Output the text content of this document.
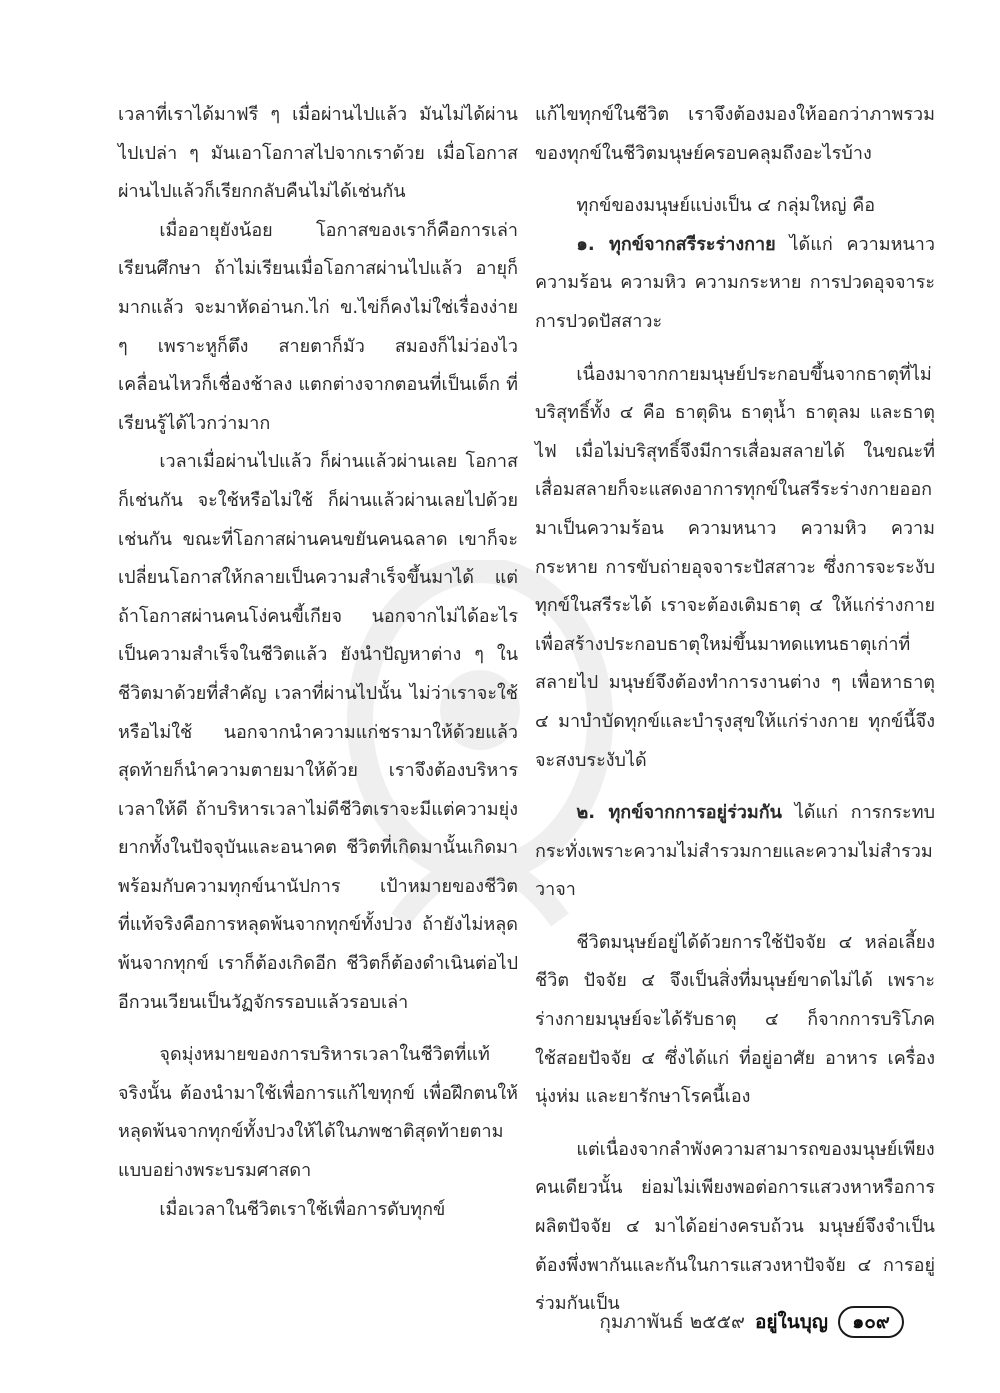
เวลาที่เราได้มาฟรี ๆ เมื่อผ่านไปแล้ว มันไม่ได้ผ่านไปเปล่า ๆ มันเอาโอกาสไปจากเราด้วย เมื่อโอกาสผ่านไปแล้วก็เรียกกลับคืนไม่ได้เช่นกัน

เมื่ออายุยังน้อย โอกาสของเราก็คือการเล่าเรียนศึกษา ถ้าไม่เรียนเมื่อโอกาสผ่านไปแล้ว อายุก็มากแล้ว จะมาหัดอ่านก.ไก่ ข.ไข่ก็คงไม่ใช่เรื่องง่าย ๆ เพราะหูก็ตึง สายตาก็มัว สมองก็ไม่ว่องไว เคลื่อนไหวก็เชื่องช้าลง แตกต่างจากตอนที่เป็นเด็ก ที่เรียนรู้ได้ไวกว่ามาก

เวลาเมื่อผ่านไปแล้ว ก็ผ่านแล้วผ่านเลย โอกาสก็เช่นกัน จะใช้หรือไม่ใช้ ก็ผ่านแล้วผ่านเลยไปด้วยเช่นกัน ขณะที่โอกาสผ่านคนขยันคนฉลาด เขาก็จะเปลี่ยนโอกาสให้กลายเป็นความสำเร็จขึ้นมาได้ แต่ถ้าโอกาสผ่านคนโง่คนขี้เกียจ นอกจากไม่ได้อะไรเป็นความสำเร็จในชีวิตแล้ว ยังนำปัญหาต่าง ๆ ในชีวิตมาด้วยที่สำคัญ เวลาที่ผ่านไปนั้น ไม่ว่าเราจะใช้หรือไม่ใช้ นอกจากนำความแก่ชรามาให้ด้วยแล้ว สุดท้ายก็นำความตายมาให้ด้วย เราจึงต้องบริหารเวลาให้ดี ถ้าบริหารเวลาไม่ดีชีวิตเราจะมีแต่ความยุ่งยากทั้งในปัจจุบันและอนาคต ชีวิตที่เกิดมานั้นเกิดมาพร้อมกับความทุกข์นานัปการ เป้าหมายของชีวิตที่แท้จริงคือการหลุดพ้นจากทุกข์ทั้งปวง ถ้ายังไม่หลุดพ้นจากทุกข์ เราก็ต้องเกิดอีก ชีวิตก็ต้องดำเนินต่อไปอีกวนเวียนเป็นวัฏจักรรอบแล้วรอบเล่า

จุดมุ่งหมายของการบริหารเวลาในชีวิตที่แท้จริงนั้น ต้องนำมาใช้เพื่อการแก้ไขทุกข์ เพื่อฝึกตนให้หลุดพ้นจากทุกข์ทั้งปวงให้ได้ในภพชาติสุดท้ายตามแบบอย่างพระบรมศาสดา

เมื่อเวลาในชีวิตเราใช้เพื่อการดับทุกข์

แก้ไขทุกข์ในชีวิต เราจึงต้องมองให้ออกว่าภาพรวมของทุกข์ในชีวิตมนุษย์ครอบคลุมถึงอะไรบ้าง

ทุกข์ของมนุษย์แบ่งเป็น ๔ กลุ่มใหญ่ คือ

๑. ทุกข์จากสรีระร่างกาย ได้แก่ ความหนาว ความร้อน ความหิว ความกระหาย การปวดอุจจาระ การปวดปัสสาวะ

เนื่องมาจากกายมนุษย์ประกอบขึ้นจากธาตุที่ไม่บริสุทธิ์ทั้ง ๔ คือ ธาตุดิน ธาตุน้ำ ธาตุลม และธาตุไฟ เมื่อไม่บริสุทธิ์จึงมีการเสื่อมสลายได้ ในขณะที่เสื่อมสลายก็จะแสดงอาการทุกข์ในสรีระร่างกายออกมาเป็นความร้อน ความหนาว ความหิว ความกระหาย การขับถ่ายอุจจาระปัสสาวะ ซึ่งการจะระงับทุกข์ในสรีระได้ เราจะต้องเติมธาตุ ๔ ให้แก่ร่างกาย เพื่อสร้างประกอบธาตุใหม่ขึ้นมาทดแทนธาตุเก่าที่สลายไป มนุษย์จึงต้องทำการงานต่าง ๆ เพื่อหาธาตุ ๔ มาบำบัดทุกข์และบำรุงสุขให้แก่ร่างกาย ทุกข์นี้จึงจะสงบระงับได้

๒. ทุกข์จากการอยู่ร่วมกัน ได้แก่ การกระทบกระทั่งเพราะความไม่สำรวมกายและความไม่สำรวมวาจา

ชีวิตมนุษย์อยู่ได้ด้วยการใช้ปัจจัย ๔ หล่อเลี้ยงชีวิต ปัจจัย ๔ จึงเป็นสิ่งที่มนุษย์ขาดไม่ได้ เพราะร่างกายมนุษย์จะได้รับธาตุ ๔ ก็จากการบริโภคใช้สอยปัจจัย ๔ ซึ่งได้แก่ ที่อยู่อาศัย อาหาร เครื่องนุ่งห่ม และยารักษาโรคนี้เอง

แต่เนื่องจากลำพังความสามารถของมนุษย์เพียงคนเดียวนั้น ย่อมไม่เพียงพอต่อการแสวงหาหรือการผลิตปัจจัย ๔ มาได้อย่างครบถ้วน มนุษย์จึงจำเป็นต้องพึ่งพากันและกันในการแสวงหาปัจจัย ๔ การอยู่ร่วมกันเป็น

กุมภาพันธ์ ๒๕๕๙ อยู่ในบุญ	๑๐๙
